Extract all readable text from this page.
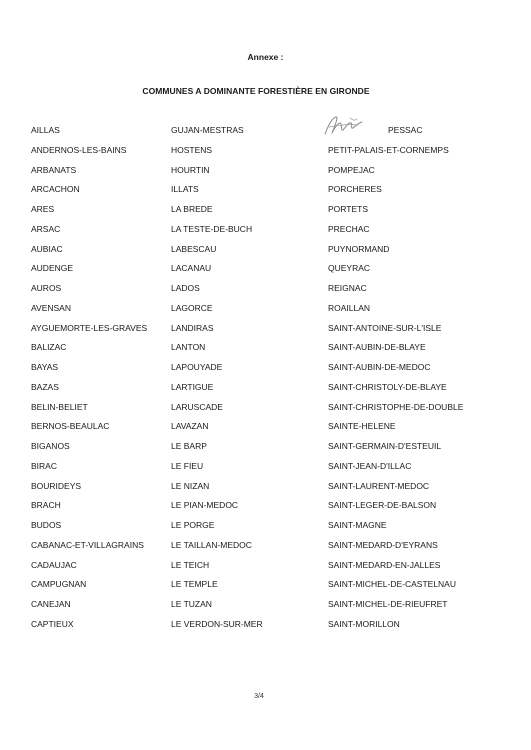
Annexe :
COMMUNES A DOMINANTE FORESTIÈRE EN GIRONDE
AILLAS	GUJAN-MESTRAS	PESSAC
ANDERNOS-LES-BAINS	HOSTENS	PETIT-PALAIS-ET-CORNEMPS
ARBANATS	HOURTIN	POMPEJAC
ARCACHON	ILLATS	PORCHERES
ARES	LA BREDE	PORTETS
ARSAC	LA TESTE-DE-BUCH	PRECHAC
AUBIAC	LABESCAU	PUYNORMAND
AUDENGE	LACANAU	QUEYRAC
AUROS	LADOS	REIGNAC
AVENSAN	LAGORCE	ROAILLAN
AYGUEMORTE-LES-GRAVES	LANDIRAS	SAINT-ANTOINE-SUR-L'ISLE
BALIZAC	LANTON	SAINT-AUBIN-DE-BLAYE
BAYAS	LAPOUYADE	SAINT-AUBIN-DE-MEDOC
BAZAS	LARTIGUE	SAINT-CHRISTOLY-DE-BLAYE
BELIN-BELIET	LARUSCADE	SAINT-CHRISTOPHE-DE-DOUBLE
BERNOS-BEAULAC	LAVAZAN	SAINTE-HELENE
BIGANOS	LE BARP	SAINT-GERMAIN-D'ESTEUIL
BIRAC	LE FIEU	SAINT-JEAN-D'ILLAC
BOURIDEYS	LE NIZAN	SAINT-LAURENT-MEDOC
BRACH	LE PIAN-MEDOC	SAINT-LEGER-DE-BALSON
BUDOS	LE PORGE	SAINT-MAGNE
CABANAC-ET-VILLAGRAINS	LE TAILLAN-MEDOC	SAINT-MEDARD-D'EYRANS
CADAUJAC	LE TEICH	SAINT-MEDARD-EN-JALLES
CAMPUGNAN	LE TEMPLE	SAINT-MICHEL-DE-CASTELNAU
CANEJAN	LE TUZAN	SAINT-MICHEL-DE-RIEUFRET
CAPTIEUX	LE VERDON-SUR-MER	SAINT-MORILLON
3/4
